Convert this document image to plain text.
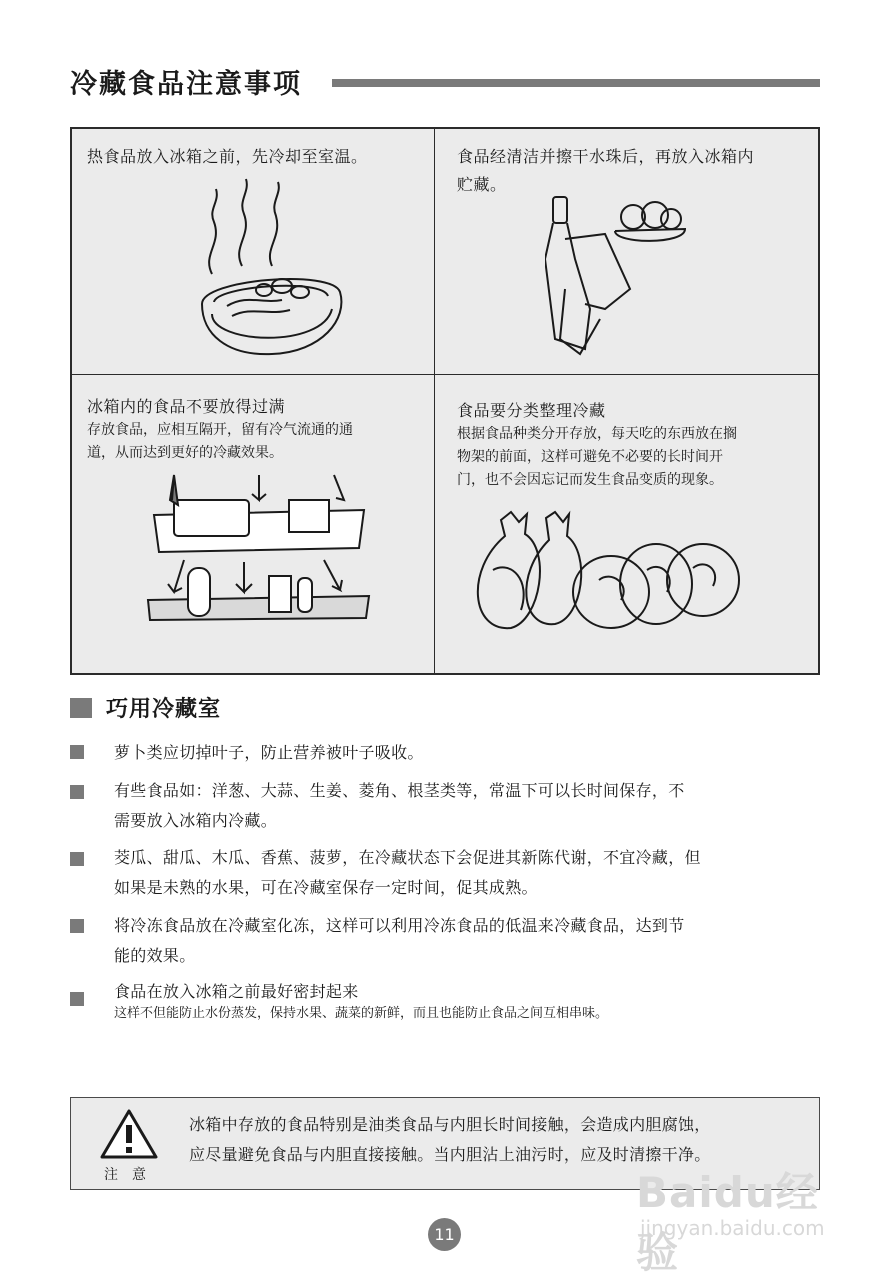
冷藏食品注意事项
热食品放入冰箱之前，先冷却至室温。	食品经清洁并擦干水珠后，再放入冰箱内
贮藏。
冰箱内的食品不要放得过满
存放食品，应相互隔开，留有冷气流通的通
道，从而达到更好的冷藏效果。
食品要分类整理冷藏
根据食品种类分开存放，每天吃的东西放在搁
物架的前面，这样可避免不必要的长时间开
门，也不会因忘记而发生食品变质的现象。
巧用冷藏室
萝卜类应切掉叶子，防止营养被叶子吸收。
有些食品如：洋葱、大蒜、生姜、菱角、根茎类等，常温下可以长时间保存，不
需要放入冰箱内冷藏。
茭瓜、甜瓜、木瓜、香蕉、菠萝，在冷藏状态下会促进其新陈代谢，不宜冷藏，但
如果是未熟的水果，可在冷藏室保存一定时间，促其成熟。
将冷冻食品放在冷藏室化冻，这样可以利用冷冻食品的低温来冷藏食品，达到节
能的效果。
食品在放入冰箱之前最好密封起来
这样不但能防止水份蒸发，保持水果、蔬菜的新鲜，而且也能防止食品之间互相串味。
注意
冰箱中存放的食品特别是油类食品与内胆长时间接触，会造成内胆腐蚀，
应尽量避免食品与内胆直接接触。当内胆沾上油污时，应及时清擦干净。
11
Baidu经验
jingyan.baidu.com
